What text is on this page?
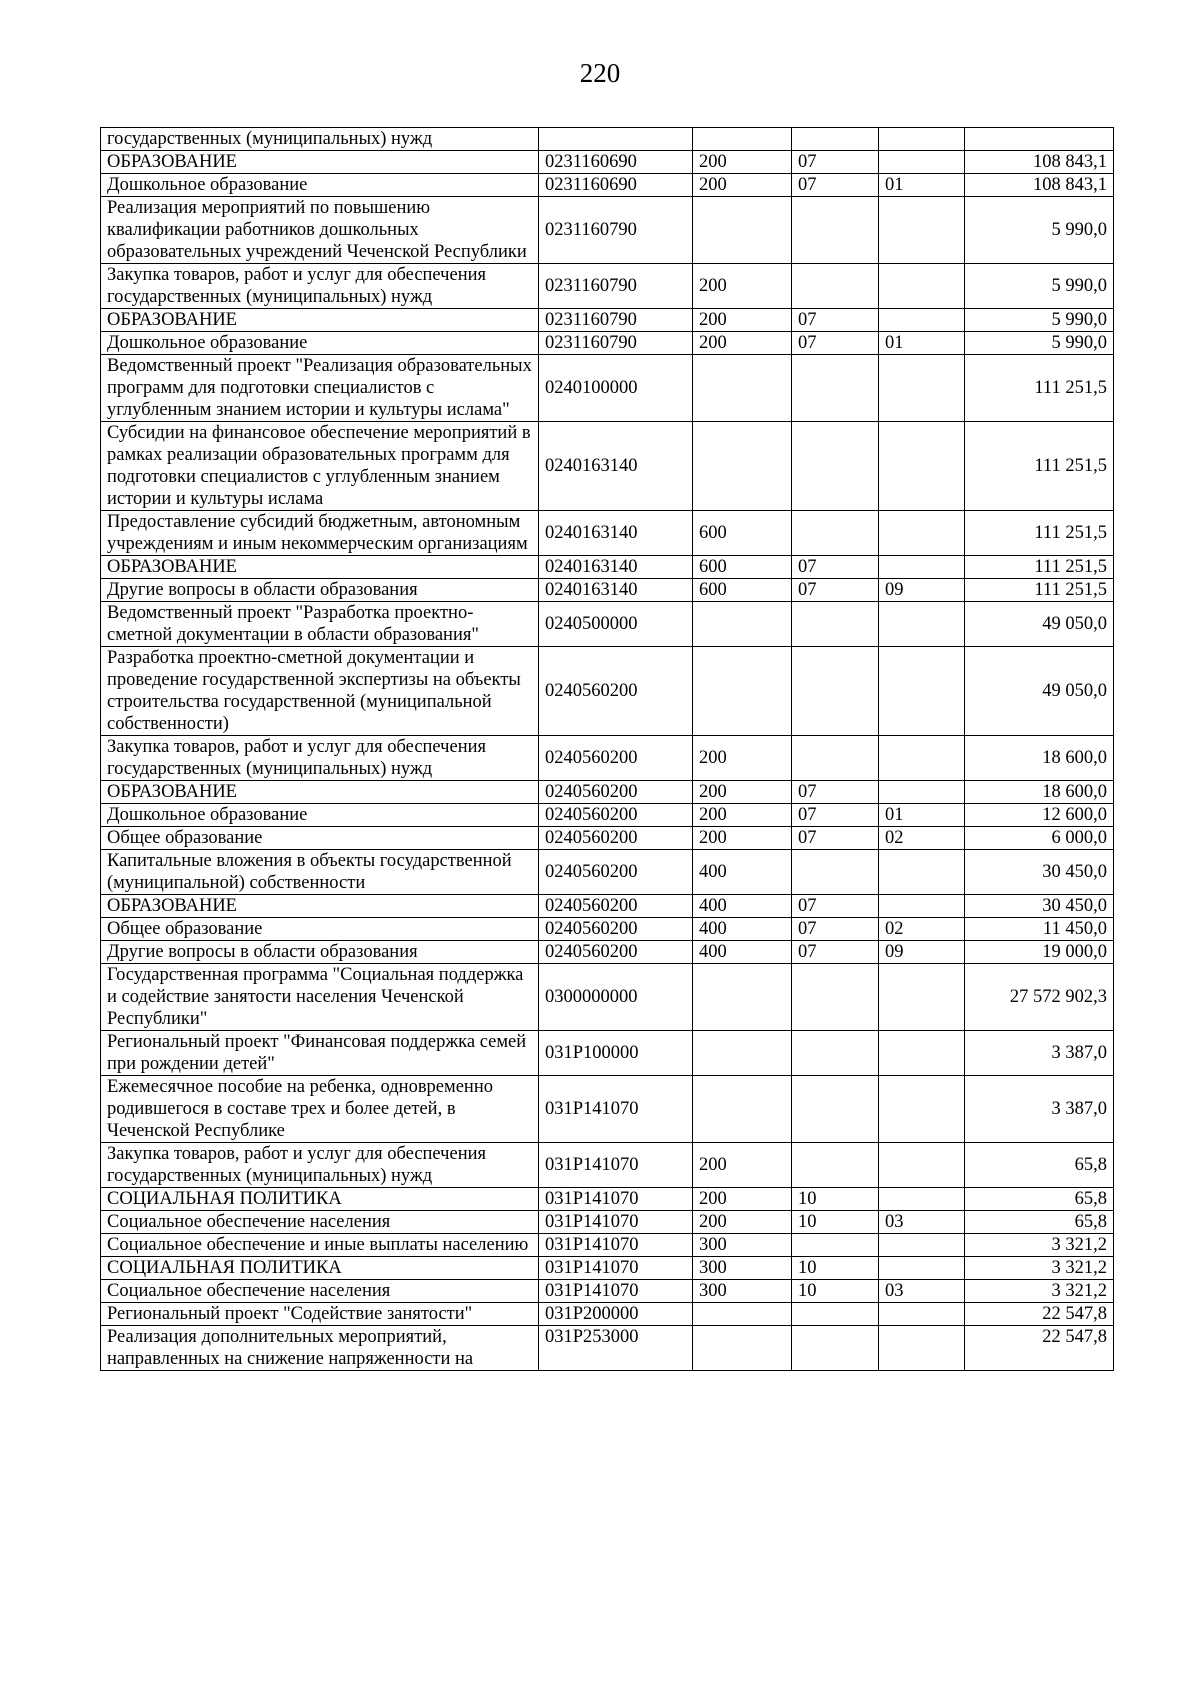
220
государственных (муниципальных) нужд					
ОБРАЗОВАНИЕ	0231160690	200	07		108 843,1
Дошкольное образование	0231160690	200	07	01	108 843,1
Реализация мероприятий по повышению квалификации работников дошкольных образовательных учреждений Чеченской Республики	0231160790				5 990,0
Закупка товаров, работ и услуг для обеспечения государственных (муниципальных) нужд	0231160790	200			5 990,0
ОБРАЗОВАНИЕ	0231160790	200	07		5 990,0
Дошкольное образование	0231160790	200	07	01	5 990,0
Ведомственный проект "Реализация образовательных программ для подготовки специалистов с углубленным знанием истории и культуры ислама"	0240100000				111 251,5
Субсидии на финансовое обеспечение мероприятий в рамках реализации образовательных программ для подготовки специалистов с углубленным знанием истории и культуры ислама	0240163140				111 251,5
Предоставление субсидий бюджетным, автономным учреждениям и иным некоммерческим организациям	0240163140	600			111 251,5
ОБРАЗОВАНИЕ	0240163140	600	07		111 251,5
Другие вопросы в области образования	0240163140	600	07	09	111 251,5
Ведомственный проект "Разработка проектно-сметной документации в области образования"	0240500000				49 050,0
Разработка проектно-сметной документации и проведение государственной экспертизы на объекты строительства государственной (муниципальной собственности)	0240560200				49 050,0
Закупка товаров, работ и услуг для обеспечения государственных (муниципальных) нужд	0240560200	200			18 600,0
ОБРАЗОВАНИЕ	0240560200	200	07		18 600,0
Дошкольное образование	0240560200	200	07	01	12 600,0
Общее образование	0240560200	200	07	02	6 000,0
Капитальные вложения в объекты государственной (муниципальной) собственности	0240560200	400			30 450,0
ОБРАЗОВАНИЕ	0240560200	400	07		30 450,0
Общее образование	0240560200	400	07	02	11 450,0
Другие вопросы в области образования	0240560200	400	07	09	19 000,0
Государственная программа "Социальная поддержка и содействие занятости населения Чеченской Республики"	0300000000				27 572 902,3
Региональный проект "Финансовая поддержка семей при рождении детей"	031P100000				3 387,0
Ежемесячное пособие на ребенка, одновременно родившегося в составе трех и более детей, в Чеченской Республике	031P141070				3 387,0
Закупка товаров, работ и услуг для обеспечения государственных (муниципальных) нужд	031P141070	200			65,8
СОЦИАЛЬНАЯ ПОЛИТИКА	031P141070	200	10		65,8
Социальное обеспечение населения	031P141070	200	10	03	65,8
Социальное обеспечение и иные выплаты населению	031P141070	300			3 321,2
СОЦИАЛЬНАЯ ПОЛИТИКА	031P141070	300	10		3 321,2
Социальное обеспечение населения	031P141070	300	10	03	3 321,2
Региональный проект "Содействие занятости"	031P200000				22 547,8
Реализация дополнительных мероприятий, направленных на снижение напряженности на	031P253000				22 547,8
